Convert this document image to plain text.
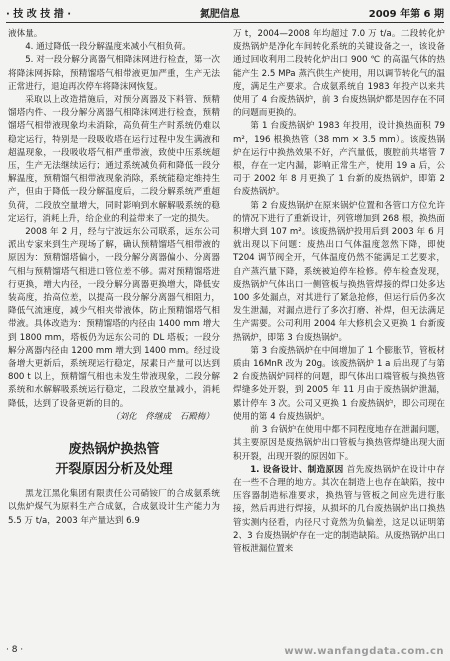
· 技 改 技 措 ·	氮肥信息	2009 年第 6 期

液体量。

4. 通过降低一段分解温度来减小气相负荷。

5. 对一段分解分离器气相降沫网进行检查，第一次将降沫网拆除，预精馏塔气相带液更加严重，生产无法正常进行，退迫再次停车将降沫网恢复。

采取以上改造措施后，对预分离器及下料管、预精馏塔内件、一段分解分离器气相降沫网进行检查，预精馏塔气相带液现象均未消除，高负荷生产时系统仍难以稳定运行，特别是一段吸收塔在运行过程中发生满液和超温现象，一段吸收塔气相严重带液，致使中压系统超压，生产无法继续运行；通过系统减负荷和降低一段分解温度，预精馏气相带液现象消除，系统能稳定维持生产，但由于降低一段分解温度后，二段分解系统严重超负荷，二段放空量增大，同时影响到水解解吸系统的稳定运行，消耗上升，给企业的利益带来了一定的损失。

2008 年 2 月，经与宁波远东公司联系，远东公司派出专家来到生产现场了解，确认预精馏塔气相带液的原因为：预精馏塔偏小，一段分解分离器偏小、分离器气相与预精馏塔气相进口管位差不够。需对预精馏塔进行更换，增大内径，一段分解分离器更换增大，降低安装高度，抬高位差，以提高一段分解分离器气相阻力，降低气流速度，减少气相夹带液体，防止预精馏塔气相带液。具体改造为：预精馏塔的内径由 1400 mm 增大到 1800 mm，塔板仍为远东公司的 DL 塔板；一段分解分离器内径由 1200 mm 增大到 1400 mm。经过设备增大更新后，系统现运行稳定，尿素日产量可以达到 800 t 以上，预精馏气相也未发生带液现象，二段分解系统和水解解吸系统运行稳定，二段放空量减小，消耗降低，达到了设备更新的目的。

（刘化　佟继成　石殿梅）
废热锅炉换热管
开裂原因分析及处理

黑龙江黑化集团有限责任公司硝铵厂的合成氨系统以焦炉煤气为原料生产合成氨，合成氨设计生产能力为 5.5 万 t/a，2003 年产量达到 6.9

万 t，2004—2008 年均超过 7.0 万 t/a。二段转化炉废热锅炉是净化车间转化系统的关键设备之一，该设备通过回收利用二段转化炉出口 900 ℃ 的高温气体的热能产生 2.5 MPa 蒸汽供生产使用，用以调节转化气的温度，满足生产要求。合成氨系统自 1983 年投产以来共使用了 4 台废热锅炉，前 3 台废热锅炉都是因存在不同的问题而更换的。

第 1 台废热锅炉 1983 年投用，设计换热面积 79 m²，196 根换热管（38 mm × 3.5 mm）。该废热锅炉在运行中换热效果不好，产汽量低，腹腔前共堵管 7 根，存在一定内漏，影响正常生产，使用 19 a 后，公司于 2002 年 8 月更换了 1 台新的废热锅炉，即第 2 台废热锅炉。

第 2 台废热锅炉在原来锅炉位置和各管口方位允许的情况下进行了重新设计，列管增加到 268 根，换热面积增大到 107 m²。该废热锅炉投用后到 2003 年 6 月就出现以下问题：废热出口气体温度忽然下降，即使 T204 调节阀全开，气体温度仍然不能满足工艺要求，自产蒸汽量下降，系统被迫停车检修。停车检查发现，废热锅炉气体出口一侧管板与换热管焊接的焊口处多达 100 多处漏点，对其进行了紧急抢修，但运行后仍多次发生泄漏，对漏点进行了多次打磨、补焊，但无法满足生产需要。公司利用 2004 年大修机会又更换 1 台新废热锅炉，即第 3 台废热锅炉。

第 3 台废热锅炉在中间增加了 1 个膨胀节，管板材质由 16MnR 改为 20g。该废热锅炉 1 a 后出现了与第 2 台废热锅炉同样的问题，即气体出口端管板与换热管焊缝多处开裂，到 2005 年 11 月由于废热锅炉泄漏，累计停车 3 次。公司又更换 1 台废热锅炉，即公司现在使用的第 4 台废热锅炉。

前 3 台锅炉在使用中都不同程度地存在泄漏问题，其主要原因是废热锅炉出口管板与换热管焊缝出现大面积开裂，出现开裂的原因如下。

1. 设备设计、制造原因 首先废热锅炉在设计中存在一些不合理的地方。其次在制造上也存在缺陷，按中压容器制造标准要求，换热管与管板之间应先进行胀接，然后再进行焊接，从损坏的几台废热锅炉出口换热管实测内径看，内径尺寸竟然为负偏差，这足以证明第 2、3 台废热锅炉存在一定的制造缺陷。从废热锅炉出口管板泄漏位置来

· 8 ·	www.wanfangdata.com.cn
